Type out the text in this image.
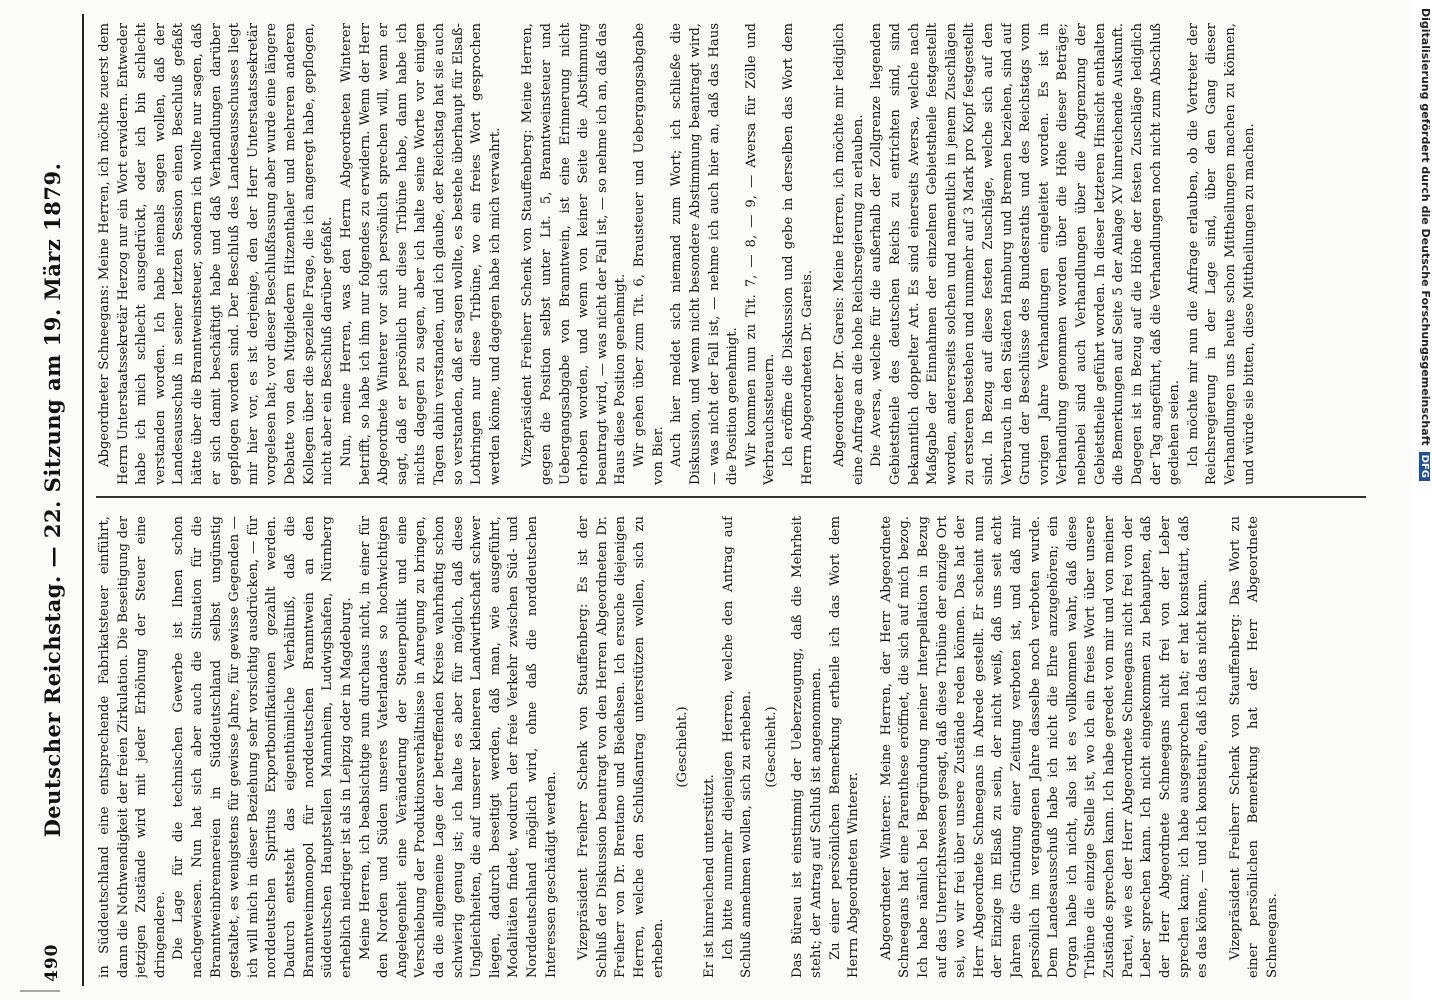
490
Deutscher Reichstag. — 22. Sitzung am 19. März 1879. in Süddeutschland eine entsprechende Fabrikatsteuer einführt, dann die Nothwendigkeit der freien Zirkulation. Die Beseitigung der jetzigen Zustände wird mit jeder Erhöhung der Steuer eine dringendere. Die Lage für die technischen Gewerbe ist Ihnen schon nachgewiesen. Nun hat sich aber auch die Situation für die Branntweinbrennereien in Süddeutschland selbst ungünstig gestaltet, es wenigstens für gewisse Jahre, für gewisse Gegenden — ich will mich in dieser Beziehung sehr vorsichtig ausdrücken, — für norddeutschen Spiritus Exportbonifikationen gezahlt werden. Dadurch entsteht das eigenthümliche Verhältniß, daß die Branntweinmonopol für norddeutschen Branntwein an den süddeutschen Hauptstellen Mannheim, Ludwigshafen, Nürnberg erheblich niedriger ist als in Leipzig oder in Magdeburg. Meine Herren, ich beabsichtige nun durchaus nicht, in einer für den Norden und Süden unseres Vaterlandes so hochwichtigen Angelegenheit eine Veränderung der Steuerpolitik und eine Verschiebung der Produktionsverhältnisse in Anregung zu bringen, da die allgemeine Lage der betreffenden Kreise wahrhaftig schon schwierig genug ist; ich halte es aber für möglich, daß diese Ungleichheiten, die auf unserer kleineren Landwirthschaft schwer liegen, dadurch beseitigt werden, daß man, wie ausgeführt, Modalitäten findet, wodurch der freie Verkehr zwischen Süd- und Norddeutschland möglich wird, ohne daß die norddeutschen Interessen geschädigt werden. Vizepräsident Freiherr Schenk von Stauffenberg: Es ist der Schluß der Diskussion beantragt von den Herren Abgeordneten Dr. Freiherr von Dr. Brentano und Biedehsen. Ich ersuche diejenigen Herren, welche den Schlußantrag unterstützen wollen, sich zu erheben.

(Geschieht.)

Er ist hinreichend unterstützt. Ich bitte nunmehr diejenigen Herren, welche den Antrag auf Schluß annehmen wollen, sich zu erheben. (Geschieht.) Das Büreau ist einstimmig der Ueberzeugung, daß die Mehrheit steht; der Antrag auf Schluß ist angenommen. Zu einer persönlichen Bemerkung ertheile ich das Wort dem Herrn Abgeordneten Winterer. Abgeordneter Winterer: Meine Herren, der Herr Abgeordnete Schneegans hat eine Parenthese eröffnet, die sich auf mich bezog. Ich habe nämlich bei Begründung meiner Interpellation in Bezug auf das Unterrichtswesen gesagt, daß diese Tribüne der einzige Ort sei, wo wir frei über unsere Zustände reden können. Das hat der Herr Abgeordnete Schneegans in Abrede gestellt. Er scheint nun der Einzige im Elsaß zu sein, der nicht weiß, daß uns seit acht Jahren die Gründung einer Zeitung verboten ist, und daß mir persönlich im vergangenen Jahre dasselbe noch verboten wurde. Dem Landesausschuß habe ich nicht die Ehre anzugehören; ein Organ habe ich nicht, also ist es vollkommen wahr, daß diese Tribüne die einzige Stelle ist, wo ich ein freies Wort über unsere Zustände sprechen kann. Ich habe geredet von mir und von meiner Partei, wie es der Herr Abgeordnete Schneegans nicht frei von der Leber sprechen kann. Ich nicht eingekommen zu behaupten, daß der Herr Abgeordnete Schneegans nicht frei von der Leber sprechen kann; ich habe ausgesprochen hat; er hat konstatirt, daß es das könne, — und ich konstatire, daß ich das nicht kann. Vizepräsident Freiherr Schenk von Stauffenberg: Das Wort zu einer persönlichen Bemerkung hat der Herr Abgeordnete Schneegans.

Abgeordneter Schneegans: Meine Herren, ich möchte zuerst dem Herrn Unterstaatssekretär Herzog nur ein Wort erwidern. Entweder habe ich mich schlecht ausgedrückt, oder ich bin schlecht verstanden worden. Ich habe niemals sagen wollen, daß der Landesausschuß in seiner letzten Session einen Beschluß gefaßt hätte über die Branntweinsteuer, sondern ich wollte nur sagen, daß er sich damit beschäftigt habe und daß Verhandlungen darüber gepflogen worden sind. Der Beschluß des Landesausschusses liegt mir hier vor, es ist derjenige, den der Herr Unterstaatssekretär vorgelesen hat; vor dieser Beschlußfassung aber wurde eine längere Debatte von den Mitgliedern Hitzenthaler und mehreren anderen Kollegen über die spezielle Frage, die ich angeregt habe, gepflogen, nicht aber ein Beschluß darüber gefaßt. Nun, meine Herren, was den Herrn Abgeordneten Winterer betrifft, so habe ich ihm nur folgendes zu erwidern. Wenn der Herr Abgeordnete Winterer vor sich persönlich sprechen will, wenn er sagt, daß er persönlich nur diese Tribüne habe, dann habe ich nichts dagegen zu sagen, aber ich halte seine Worte vor einigen Tagen dahin verstanden, und ich glaube, der Reichstag hat sie auch so verstanden, daß er sagen wollte, es bestehe überhaupt für Elsaß-Lothringen nur diese Tribüne, wo ein freies Wort gesprochen werden könne, und dagegen habe ich mich verwahrt. Vizepräsident Freiherr Schenk von Stauffenberg: Meine Herren, gegen die Position selbst unter Lit. 5, Branntweinsteuer und Uebergangsabgabe von Branntwein, ist eine Erinnerung nicht erhoben worden, und wenn von keiner Seite die Abstimmung beantragt wird, — was nicht der Fall ist, — so nehme ich an, daß das Haus diese Position genehmigt. Wir gehen über zum Tit. 6, Brausteuer und Uebergangsabgabe von Bier. Auch hier meldet sich niemand zum Wort; ich schließe die Diskussion, und wenn nicht besondere Abstimmung beantragt wird, — was nicht der Fall ist, — nehme ich auch hier an, daß das Haus die Position genehmigt. Wir kommen nun zu Tit. 7, — 8, — 9, — Aversa für Zölle und Verbrauchssteuern. Ich eröffne die Diskussion und gebe in derselben das Wort dem Herrn Abgeordneten Dr. Gareis. Abgeordneter Dr. Gareis: Meine Herren, ich möchte mir lediglich eine Anfrage an die hohe Reichsregierung zu erlauben. Die Aversa, welche für die außerhalb der Zollgrenze liegenden Gebietstheile des deutschen Reichs zu entrichten sind, sind bekanntlich doppelter Art. Es sind einerseits Aversa, welche nach Maßgabe der Einnahmen der einzelnen Gebietstheile festgestellt worden, andererseits solchen und namentlich in jenem Zuschlägen zu ersteren bestehen und nunmehr auf 3 Mark pro Kopf festgestellt sind. In Bezug auf diese festen Zuschläge, welche sich auf den Verbrauch in den Städten Hamburg und Bremen beziehen, sind auf Grund der Beschlüsse des Bundesraths und des Reichstags vom vorigen Jahre Verhandlungen eingeleitet worden. Es ist in Verhandlung genommen worden über die Höhe dieser Beträge; nebenbei sind auch Verhandlungen über die Abgrenzung der Gebietstheile geführt worden. In dieser letzteren Hinsicht enthalten die Bemerkungen auf Seite 5 der Anlage XV hinreichende Auskunft. Dagegen ist in Bezug auf die Höhe der festen Zuschläge lediglich der Tag angeführt, daß die Verhandlungen noch nicht zum Abschluß gediehen seien. Ich möchte mir nun die Anfrage erlauben, ob die Vertreter der Reichsregierung in der Lage sind, über den Gang dieser Verhandlungen uns heute schon Mittheilungen machen zu können, und würde sie bitten, diese Mittheilungen zu machen.	Digitalisierung gefördert durch die Deutsche ForschungsgemeinschaftDFG
